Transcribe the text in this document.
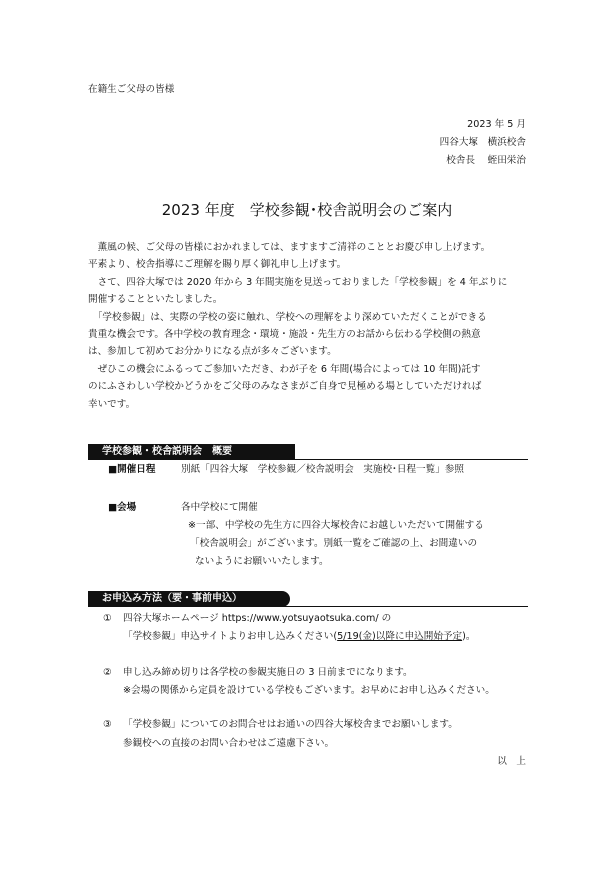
在籍生ご父母の皆様
2023 年 5 月
四谷大塚　横浜校舎
校舎長　 蛭田栄治
2023 年度　学校参観･校舎説明会のご案内

　薫風の候、ご父母の皆様におかれましては、ますますご清祥のこととお慶び申し上げます。

平素より、校舎指導にご理解を賜り厚く御礼申し上げます。

　さて、四谷大塚では 2020 年から 3 年間実施を見送っておりました「学校参観」を 4 年ぶりに

開催することといたしました。

　「学校参観」は、実際の学校の姿に触れ、学校への理解をより深めていただくことができる

貴重な機会です。各中学校の教育理念・環境・施設・先生方のお話から伝わる学校側の熱意

は、参加して初めてお分かりになる点が多々ございます。

　ぜひこの機会にふるってご参加いただき、わが子を 6 年間(場合によっては 10 年間)託す

のにふさわしい学校かどうかをご父母のみなさまがご自身で見極める場としていただければ

幸いです。

学校参観・校舎説明会　概要
■開催日程	別紙「四谷大塚　学校参観／校舎説明会　実施校･日程一覧」参照
■会場	各中学校にて開催
※一部、中学校の先生方に四谷大塚校舎にお越しいただいて開催する
「校舎説明会」がございます。別紙一覧をご確認の上、お間違いの
ないようにお願いいたします。
お申込み方法（要・事前申込）
① 四谷大塚ホームページ https://www.yotsuyaotsuka.com/ の
「学校参観」申込サイトよりお申し込みください(5/19(金)以降に申込開始予定)。
② 申し込み締め切りは各学校の参観実施日の 3 日前までになります。
※会場の関係から定員を設けている学校もございます。お早めにお申し込みください。
③ 「学校参観」についてのお問合せはお通いの四谷大塚校舎までお願いします。
参観校への直接のお問い合わせはご遠慮下さい。
以　上
